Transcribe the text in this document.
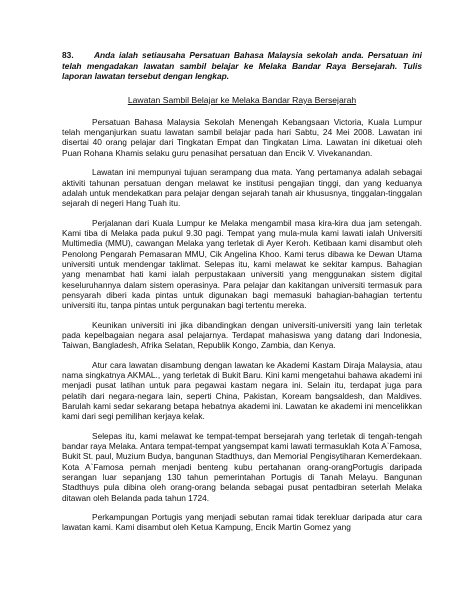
83. Anda ialah setiausaha Persatuan Bahasa Malaysia sekolah anda. Persatuan ini telah mengadakan lawatan sambil belajar ke Melaka Bandar Raya Bersejarah. Tulis laporan lawatan tersebut dengan lengkap.

Lawatan Sambil Belajar ke Melaka Bandar Raya Bersejarah

Persatuan Bahasa Malaysia Sekolah Menengah Kebangsaan Victoria, Kuala Lumpur telah menganjurkan suatu lawatan sambil belajar pada hari Sabtu, 24 Mei 2008. Lawatan ini disertai 40 orang pelajar dari Tingkatan Empat dan Tingkatan Lima. Lawatan ini diketuai oleh Puan Rohana Khamis selaku guru penasihat persatuan dan Encik V. Vivekanandan.

Lawatan ini mempunyai tujuan serampang dua mata. Yang pertamanya adalah sebagai aktiviti tahunan persatuan dengan melawat ke institusi pengajian tinggi, dan yang keduanya adalah untuk mendekatkan para pelajar dengan sejarah tanah air khususnya, tinggalan-tinggalan sejarah di negeri Hang Tuah itu.

Perjalanan dari Kuala Lumpur ke Melaka mengambil masa kira-kira dua jam setengah. Kami tiba di Melaka pada pukul 9.30 pagi. Tempat yang mula-mula kami lawati ialah Universiti Multimedia (MMU), cawangan Melaka yang terletak di Ayer Keroh. Ketibaan kami disambut oleh Penolong Pengarah Pemasaran MMU, Cik Angelina Khoo. Kami terus dibawa ke Dewan Utama universiti untuk mendengar taklimat. Selepas itu, kami melawat ke sekitar kampus. Bahagian yang menambat hati kami ialah perpustakaan universiti yang menggunakan sistem digital keseluruhannya dalam sistem operasinya. Para pelajar dan kakitangan universiti termasuk para pensyarah diberi kada pintas untuk digunakan bagi memasuki bahagian-bahagian tertentu universiti itu, tanpa pintas untuk pergunakan bagi tertentu mereka.

Keunikan universiti ini jika dibandingkan dengan universiti-universiti yang lain terletak pada kepelbagaian negara asal pelajarnya. Terdapat mahasiswa yang datang dari Indonesia, Taiwan, Bangladesh, Afrika Selatan, Republik Kongo, Zambia, dan Kenya.

Atur cara lawatan disambung dengan lawatan ke Akademi Kastam Diraja Malaysia, atau nama singkatnya AKMAL., yang terletak di Bukit Baru. Kini kami mengetahui bahawa akademi ini menjadi pusat latihan untuk para pegawai kastam negara ini. Selain itu, terdapat juga para pelatih dari negara-negara lain, seperti China, Pakistan, Koream bangsaldesh, dan Maldives. Barulah kami sedar sekarang betapa hebatnya akademi ini. Lawatan ke akademi ini mencelikkan kami dari segi pemilihan kerjaya kelak.

Selepas itu, kami melawat ke tempat-tempat bersejarah yang terletak di tengah-tengah bandar raya Melaka. Antara tempat-tempat yangsempat kami lawati termasuklah Kota A`Famosa, Bukit St. paul, Muzium Budya, bangunan Stadthuys, dan Memorial Pengisytiharan Kemerdekaan. Kota A`Famosa pernah menjadi benteng kubu pertahanan orang-orangPortugis daripada serangan luar sepanjang 130 tahun pemerintahan Portugis di Tanah Melayu. Bangunan Stadthuys pula dibina oleh orang-orang belanda sebagai pusat pentadbiran seterlah Melaka ditawan oleh Belanda pada tahun 1724.

Perkampungan Portugis yang menjadi sebutan ramai tidak terekluar daripada atur cara lawatan kami. Kami disambut oleh Ketua Kampung, Encik Martin Gomez yang
